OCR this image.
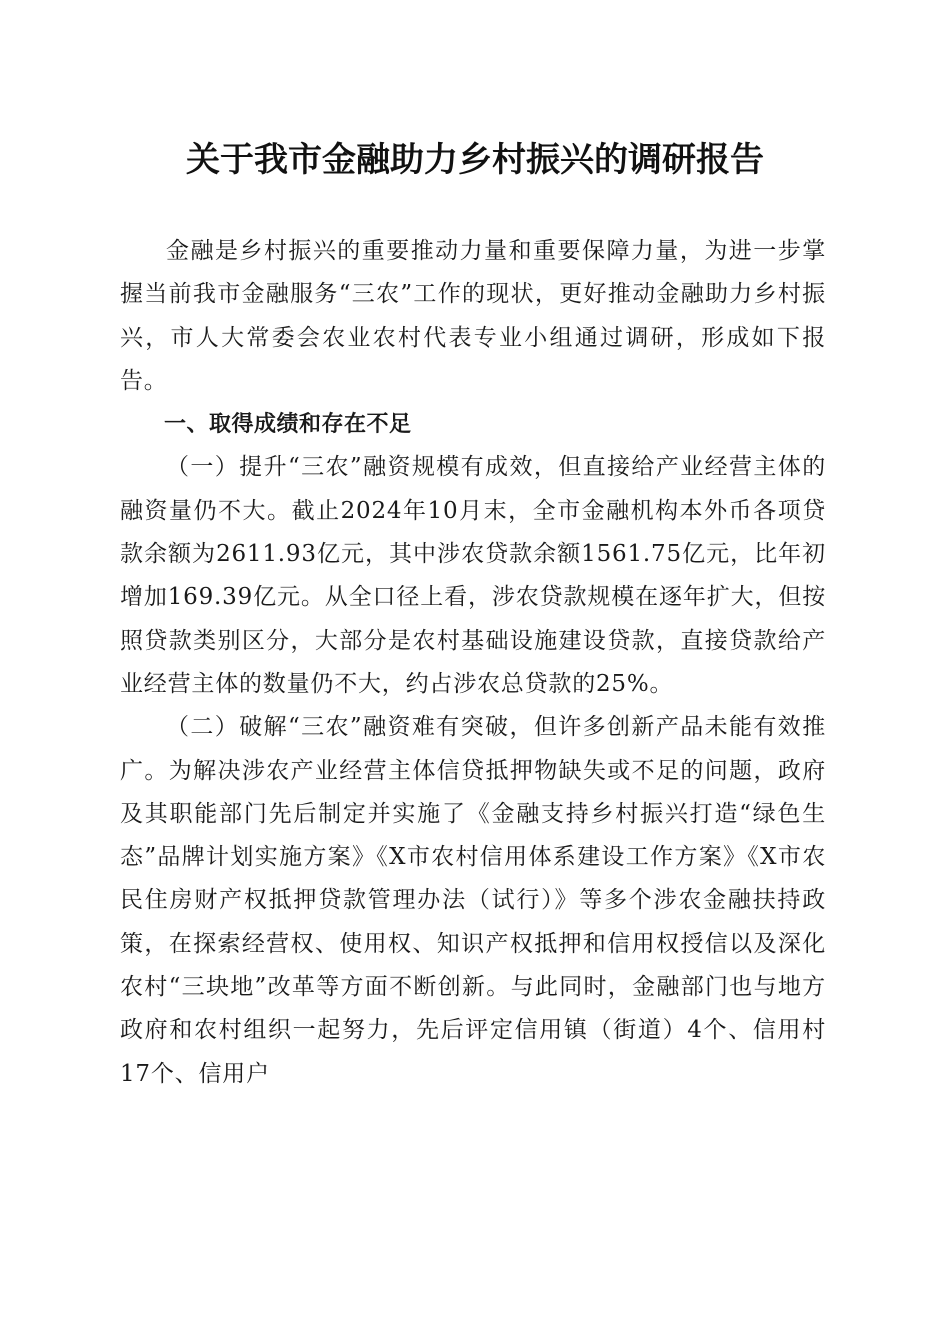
关于我市金融助力乡村振兴的调研报告

金融是乡村振兴的重要推动力量和重要保障力量，为进一步掌握当前我市金融服务“三农”工作的现状，更好推动金融助力乡村振兴，市人大常委会农业农村代表专业小组通过调研，形成如下报告。

一、取得成绩和存在不足

（一）提升“三农”融资规模有成效，但直接给产业经营主体的融资量仍不大。截止2024年10月末，全市金融机构本外币各项贷款余额为2611.93亿元，其中涉农贷款余额1561.75亿元，比年初增加169.39亿元。从全口径上看，涉农贷款规模在逐年扩大，但按照贷款类别区分，大部分是农村基础设施建设贷款，直接贷款给产业经营主体的数量仍不大，约占涉农总贷款的25%。

（二）破解“三农”融资难有突破，但许多创新产品未能有效推广。为解决涉农产业经营主体信贷抵押物缺失或不足的问题，政府及其职能部门先后制定并实施了《金融支持乡村振兴打造“绿色生态”品牌计划实施方案》《X市农村信用体系建设工作方案》《X市农民住房财产权抵押贷款管理办法（试行）》等多个涉农金融扶持政策，在探索经营权、使用权、知识产权抵押和信用权授信以及深化农村“三块地”改革等方面不断创新。与此同时，金融部门也与地方政府和农村组织一起努力，先后评定信用镇（街道）4个、信用村17个、信用户
